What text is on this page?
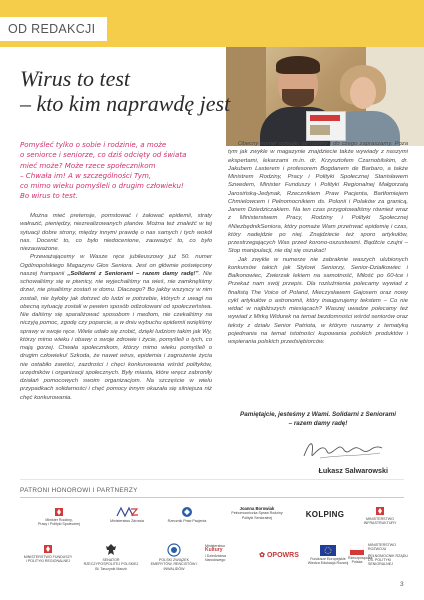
OD REDAKCJI
Wirus to test
– kto kim naprawdę jest
Pomyśleć tylko o sobie i rodzinie, a może
o seniorce i seniorze, co dziś odcięty od świata
mieć może? Może rzece społecznikom
– Chwała im! A w szczególności Tym,
co mimo wieku pomyśleli o drugim człowieku!
Bo wirus to test.

Można mieć pretensje, pomstować i żałować epidemii, straty wałrazić, pieniędzy, niezrealizowanych planów. Można też znaleźć w tej sytuacji dobre strony, między innymi prawdę o nas samych i tych wokół nas. Docenić to, co było niedocenione, zauważyć to, co było niezauważone.

Przeważającemy w Wasze ręce jubileuszowy już 50. numer Ogólnopolskiego Magazynu Głos Seniora. Jest on głównie poświęcony naszej frampanii „Solidarni z Seniorami – razem damy radę!”. Nie schowaliśmy się w piwnicy, nie wyjechaliśmy na wieś, nie zamknęliśmy drzwi, nie pisaliśmy zostań w domu. Dlaczego? Bo jakby wszyscy w nim zostali, nie byłoby jak dotrzeć do ludzi w potrzebie, których z uwagi na obecną sytuację zostali w pewien sposób odizolowani od społeczeństwa. Nie daliśmy się sparaliżować sposobom i mediom, nie czekaliśmy na niczyją pomoc, zgodę czy poparcie, a w dniu wybuchu epidemii wzięliśmy sprawy w swoje ręce. Wiele udało się zrobić, dzięki ludziom takim jak Wy, którzy mimo wieku i obawy o swoje zdrowie i życie, pomyśleli o tych, co mają gorzej. Chwała społecznikom, którzy mimo wieku pomyśleli o drugim człowieku! Szkoda, że nawet wirus, epidemia i zagrożenie życia nie ostabiło zawiści, zazdrości i chęci konkurowania wśród polityków, urzędników i organizacji społecznych. Były miasta, które wręcz zabroniły działań pomocowych swoim organizacjom. Na szczęście w wielu przypadkach solidarności i chęć pomocy innym okazała się silniejsza niż chęć konkurowania.

Obecny numer opisuje, co robimy i do czego zapraszamy. Poza tym jak zwykle w magazynie znajdziecie także wywiady z naszymi ekspertami, lekarzami m.in. dr. Krzysztofem Czarnobilskim, dr. Jakubem Lasterem i profesorem Bogdanem de Barbaro, a także Ministrem Rodziny, Pracy i Polityki Społecznej Stanisławem Szwedem, Minister Funduszy i Polityki Regionalnej Małgorzatą Jarosińską-Jedynak, Rzecznikiem Praw Pacjenta, Bartłomiejem Chmielowcem i Pełnomocnikiem ds. Polonii i Polaków za granicą, Janem Dziedziczakiem. Na ten czas przygotowaliśmy również wraz z Ministerstwem Pracy, Rodziny i Polityki Społecznej #NiezbędnikSeniora, który pomaże Wam przetrwać epidemię i czas, który nadejdzie po niej. Znajdziecie też sporo artykułów, przestrzegających Was przed korono-oszustwami. Bądźcie czujni – Stop manipulacji, nie daj się oszukać!

Jak zwykle w numerze nie zabraknie waszych ulubionych konkursów takich jak Stylowi Seniorzy, Senior-Działkowiec i Balkonowiec, Zwierzak lekiem na samotność, Miłość po 60-tce i Przekaż nam swój przepis. Dla rozluźnienia polecamy wywiad z finalistą The Voice of Poland, Mieczysławem Gajosem oraz nowy cykl artykułów o astronomii, który inaugurujemy tekstem – Co nie widać w najbliższych miesiącach? Waszej uwadze polecamy też wywiad z Mirką Widurek na temat bezdomności wśród seniorów oraz teksty z działu Senior Patriota, w którym ruszamy z tematyką pojednania na temat istotności kupowania polskich produktów i wspierania polskich przedsiębiorców.

Pamiętajcie, jesteśmy z Wami. Solidarni z Seniorami
– razem damy radę!
Łukasz Salwarowski
PATRONI HONOROWI I PARTNERZY
Minister Rodziny,
Pracy i Polityki Społecznej
Ministerstwo Zdrowia	Rzecznik Praw Pacjenta
Joanna Borowiak
Pełnomocniczka Spraw Rodziny
Polityki Senioralnej	KOLPING	MINISTERSTWO
INFRASTRUKTURY
MINISTERSTWO FUNDUSZY
I POLITYKI REGIONALNEJ	SENATOR
RZECZYPOSPOLITEJ POLSKIEJ
Bł. Tarczynki Maczk
POLSKI ZWIĄZEK
EMERYTÓW, RENCISTÓW I INWALIDÓW
Ministerstwo
Kultury
i Dziedzictwa
Narodowego
✿ OPOWRS	Fundusze Europejskie
Wiedza Edukacja Rozwój
Rzeczpospolita Polska
MINISTERSTWO ROZWOJU
PEŁNOMOCNIK RZĄDU
DS. POLITYKI SENIORALNEJ
3
